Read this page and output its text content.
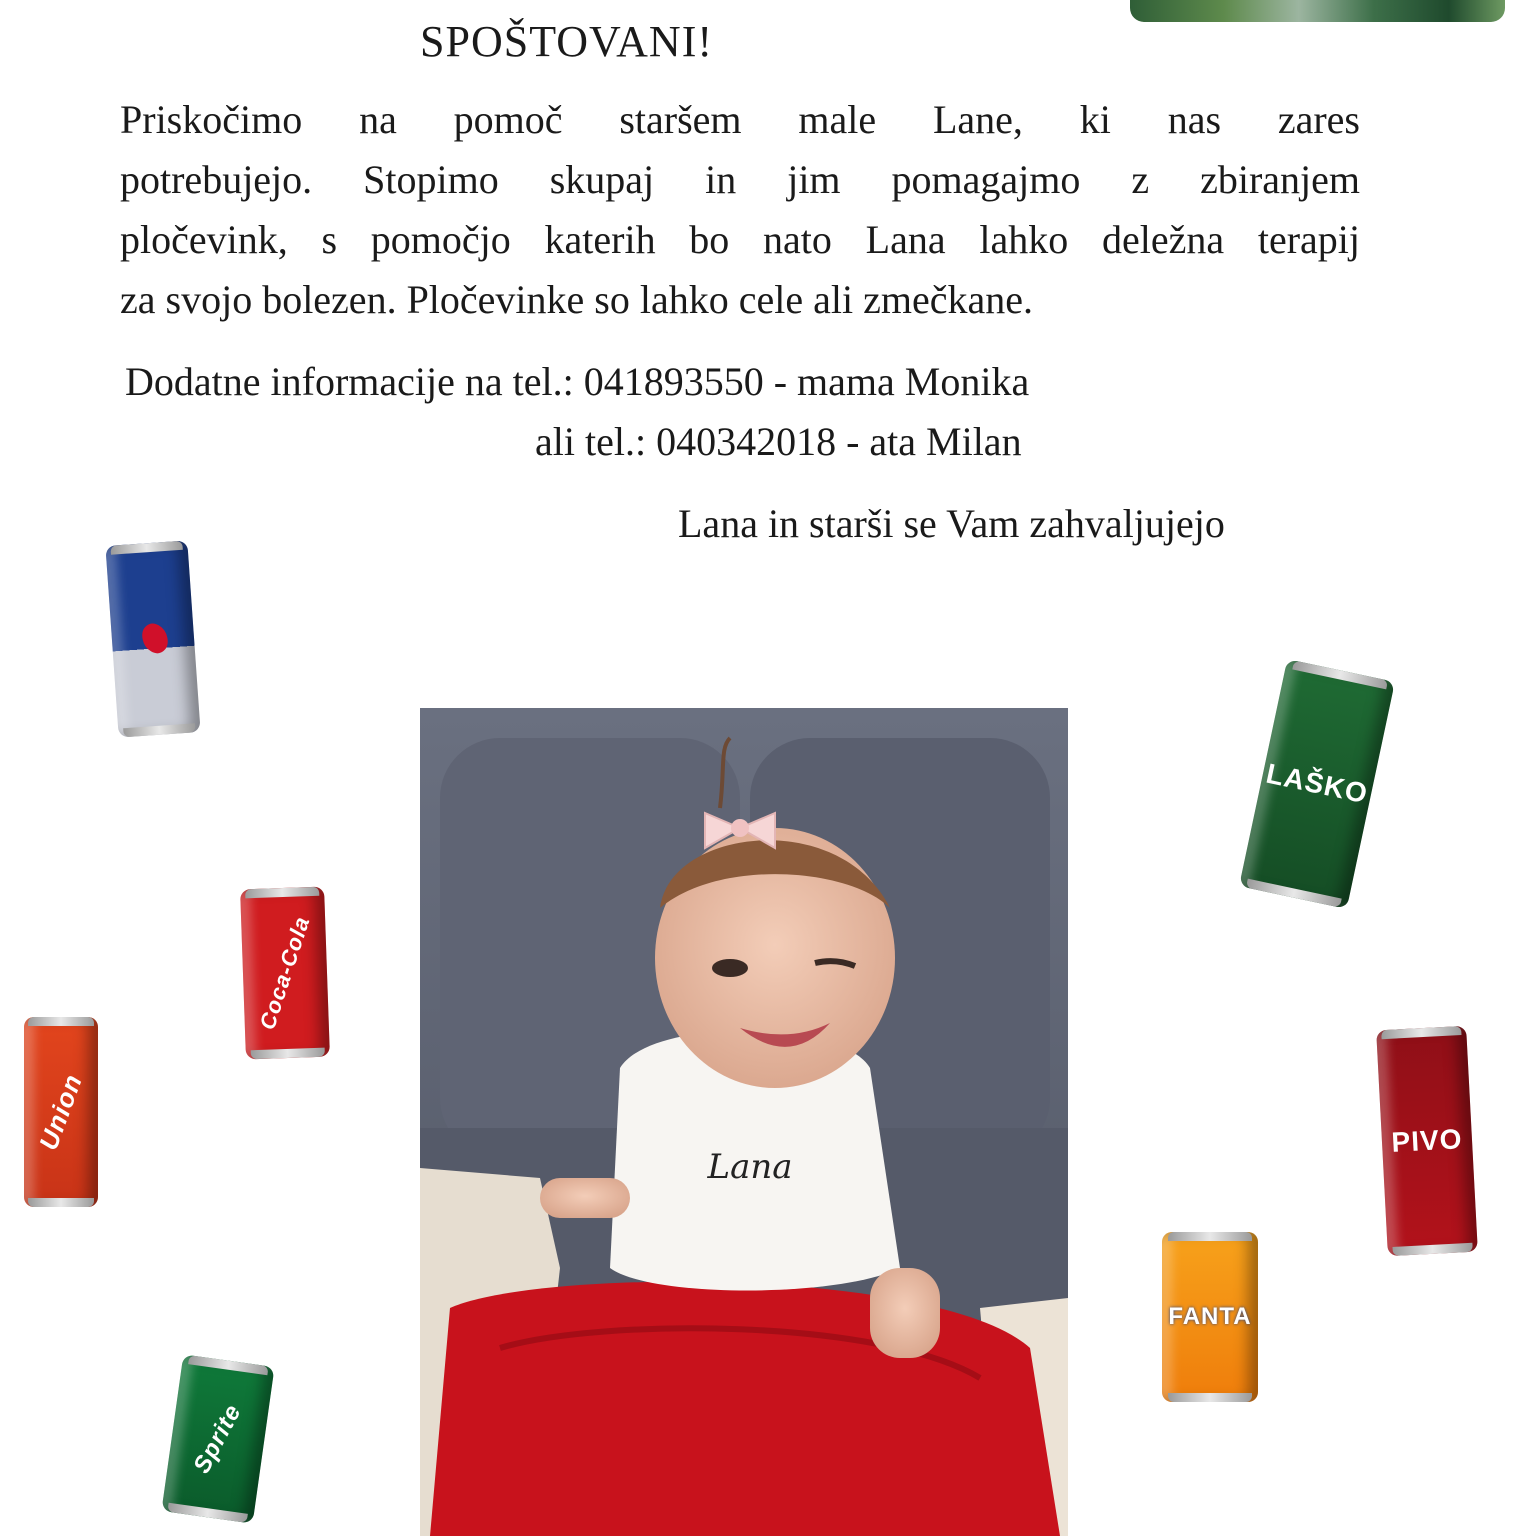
SPOŠTOVANI!
Priskočimo na pomoč staršem male Lane, ki nas zares
potrebujejo. Stopimo skupaj in jim pomagajmo z zbiranjem
pločevink, s pomočjo katerih bo nato Lana lahko deležna terapij
za svojo bolezen. Pločevinke so lahko cele ali zmečkane.

Dodatne informacije na tel.: 041893550 - mama Monika

ali tel.: 040342018 - ata Milan

Lana in starši se Vam zahvaljujejo

Lana
⬤
Coca-Cola
Union
Sprite
LAŠKO
PIVO
FANTA
